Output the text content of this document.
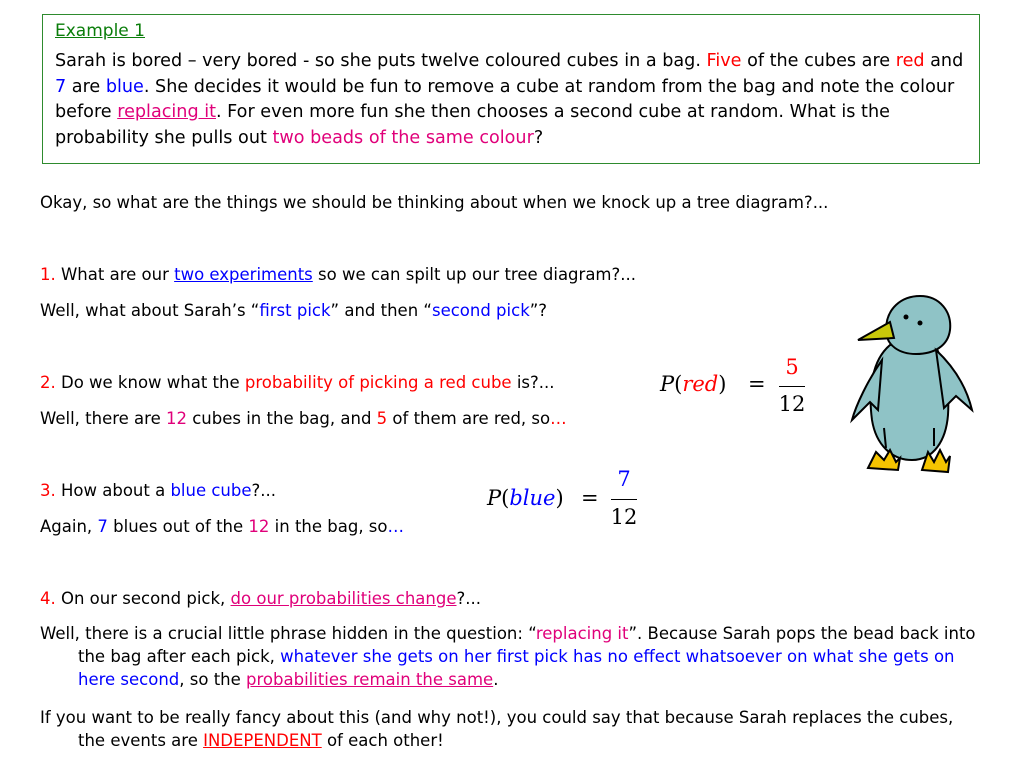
Example 1

Sarah is bored – very bored - so she puts twelve coloured cubes in a bag. Five of the cubes are red and 7 are blue. She decides it would be fun to remove a cube at random from the bag and note the colour before replacing it. For even more fun she then chooses a second cube at random. What is the probability she pulls out two beads of the same colour?

Okay, so what are the things we should be thinking about when we knock up a tree diagram?...
1. What are our two experiments so we can spilt up our tree diagram?...
Well, what about Sarah’s “first pick” and then “second pick”?
2. Do we know what the probability of picking a red cube is?...
Well, there are 12 cubes in the bag, and 5 of them are red, so…
3. How about a blue cube?...
Again, 7 blues out of the 12 in the bag, so…
4. On our second pick, do our probabilities change?...
Well, there is a crucial little phrase hidden in the question: “replacing it”. Because Sarah pops the bead back into the bag after each pick, whatever she gets on her first pick has no effect whatsoever on what she gets on here second, so the probabilities remain the same.
If you want to be really fancy about this (and why not!), you could say that because Sarah replaces the cubes, the events are INDEPENDENT of each other!
P(red) =
5
12
P(blue) =
7
12
